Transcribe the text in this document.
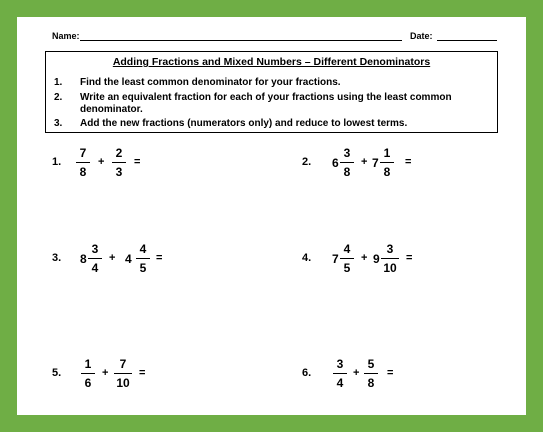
Name:	Date:
Adding Fractions and Mixed Numbers – Different Denominators
1. Find the least common denominator for your fractions.
2. Write an equivalent fraction for each of your fractions using the least common
denominator.
3. Add the new fractions (numerators only) and reduce to lowest terms.
1.
7
8
+
2
3
=	2. 6
3
8
+ 7
1
8
=
3. 8
3
4
+ 4
4
5
=	4. 7
4
5
+ 9
3
10
=
5.
1
6
+
7
10
=	6.
3
4
+
5
8
=
